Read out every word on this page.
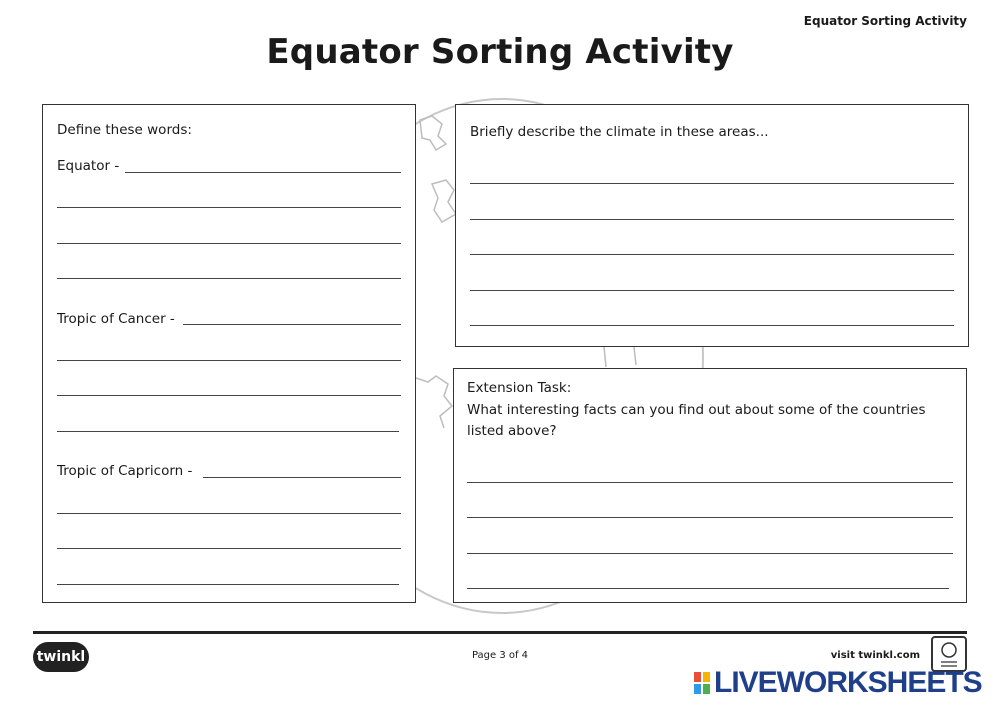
Equator Sorting Activity
Equator Sorting Activity
Define these words:
Equator -
Tropic of Cancer -
Tropic of Capricorn -
Briefly describe the climate in these areas...
Extension Task:
What interesting facts can you find out about some of the countries
listed above?
twinkl	Page 3 of 4	visit twinkl.com
LIVEWORKSHEETS
